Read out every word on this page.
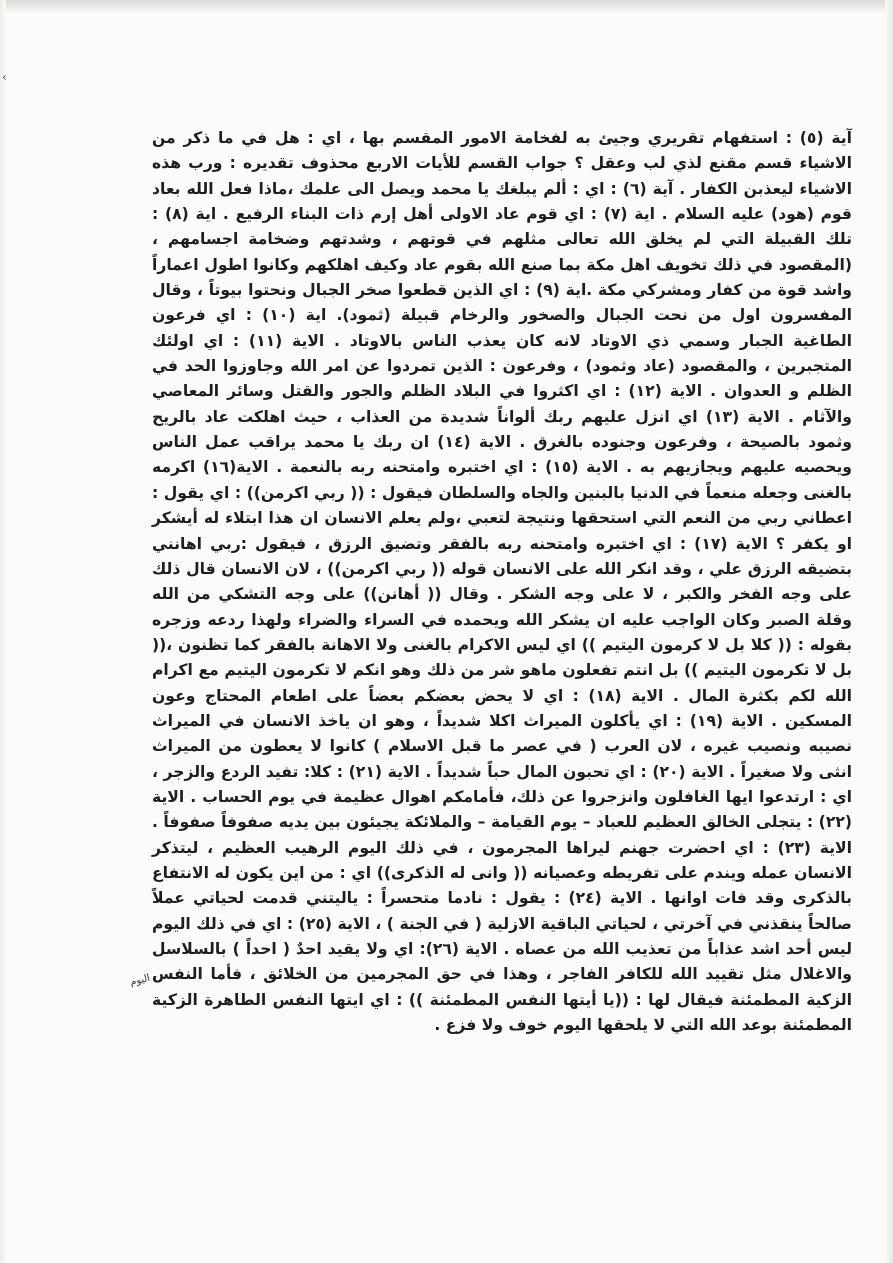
‹

آية (٥) : استفهام تقريري وجيئ به لفخامة الامور المقسم بها ، اي : هل في ما ذكر من الاشياء قسم مقنع لذي لب وعقل ؟ جواب القسم للأيات الاربع محذوف تقديره : ورب هذه الاشياء ليعذبن الكفار . آية (٦) : اي : ألم يبلغك يا محمد ويصل الى علمك ،ماذا فعل الله بعاد قوم (هود) عليه السلام . اية (٧) : اي قوم عاد الاولى أهل إرم ذات البناء الرفيع . اية (٨) : تلك القبيلة التي لم يخلق الله تعالى مثلهم في قوتهم ، وشدتهم وضخامة اجسامهم ،(المقصود في ذلك تخويف اهل مكة بما صنع الله بقوم عاد وكيف اهلكهم وكانوا اطول اعماراً واشد قوة من كفار ومشركي مكة .اية (٩) : اي الذين قطعوا صخر الجبال ونحتوا بيوتاً ، وقال المفسرون اول من نحت الجبال والصخور والرخام قبيلة (ثمود). اية (١٠) : اي فرعون الطاغية الجبار وسمي ذي الاوتاد لانه كان يعذب الناس بالاوتاد . الاية (١١) : اي اولئك المتجبرين ، والمقصود (عاد وثمود) ، وفرعون : الذين تمردوا عن امر الله وجاوزوا الحد في الظلم و العدوان . الاية (١٢) : اي اكثروا في البلاد الظلم والجور والقتل وسائر المعاصي والآثام . الاية (١٣) اي انزل عليهم ربك ألواناً شديدة من العذاب ، حيث اهلكت عاد بالريح وثمود بالصيحة ، وفرعون وجنوده بالغرق . الاية (١٤) ان ربك يا محمد يراقب عمل الناس ويحصيه عليهم ويجازيهم به . الاية (١٥) : اي اختبره وامتحنه ربه بالنعمة . الاية(١٦) اكرمه بالغنى وجعله منعماً في الدنيا بالبنين والجاه والسلطان فيقول : (( ربي اكرمن)) : اي يقول : اعطاني ربي من النعم التي استحقها ونتيجة لتعبي ،ولم يعلم الانسان ان هذا ابتلاء له أيشكر او يكفر ؟ الاية (١٧) : اي اختبره وامتحنه ربه بالفقر وتضيق الرزق ، فيقول :ربي اهانني بتضيقه الرزق علي ، وقد انكر الله على الانسان قوله (( ربي اكرمن)) ، لان الانسان قال ذلك على وجه الفخر والكبر ، لا على وجه الشكر . وقال (( أهانن)) على وجه التشكي من الله وقلة الصبر وكان الواجب عليه ان يشكر الله ويحمده في السراء والضراء ولهذا ردعه وزجره بقوله : (( كلا بل لا كرمون اليتيم )) اي ليس الاكرام بالغنى ولا الاهانة بالفقر كما تظنون ،(( بل لا تكرمون اليتيم )) بل انتم تفعلون ماهو شر من ذلك وهو انكم لا تكرمون اليتيم مع اكرام الله لكم بكثرة المال . الاية (١٨) : اي لا يحض بعضكم بعضاً على اطعام المحتاج وعون المسكين . الاية (١٩) : اي يأكلون الميراث اكلا شديداً ، وهو ان ياخذ الانسان في الميراث نصيبه ونصيب غيره ، لان العرب ( في عصر ما قبل الاسلام ) كانوا لا يعطون من الميراث انثى ولا صغيراً . الاية (٢٠) : اي تحبون المال حباً شديداً . الاية (٢١) : كلا: تفيد الردع والزجر ، اي : ارتدعوا ايها الغافلون وانزجروا عن ذلك، فأمامكم اهوال عظيمة في يوم الحساب . الاية (٢٢) : يتجلى الخالق العظيم للعباد – يوم القيامة – والملائكة يجيئون بين يديه صفوفاً صفوفاً . الاية (٢٣) : اي احضرت جهنم ليراها المجرمون ، في ذلك اليوم الرهيب العظيم ، ليتذكر الانسان عمله ويندم على تفريطه وعصيانه (( وانى له الذكرى)) اي : من اين يكون له الانتفاع بالذكرى وقد فات اوانها . الاية (٢٤) : يقول : نادما متحسراً : ياليتني قدمت لحياتي عملاً صالحاً ينقذني في آخرتي ، لحياتي الباقية الازلية ( في الجنة ) ، الاية (٢٥) : اي في ذلك اليوم ليس أحد اشد عذاباً من تعذيب الله من عصاه . الاية (٢٦): اي ولا يقيد احدٌ ( احداً ) بالسلاسل والاغلال مثل تقييد الله للكافر الفاجر ، وهذا في حق المجرمين من الخلائق ، فأما النفس الزكية المطمئنة فيقال لها : ((يا أيتها النفس المطمئنة )) : اي ايتها النفس الطاهرة الزكية المطمئنة بوعد الله التي لا يلحقها اليوم خوف ولا فزع .

اليوم
